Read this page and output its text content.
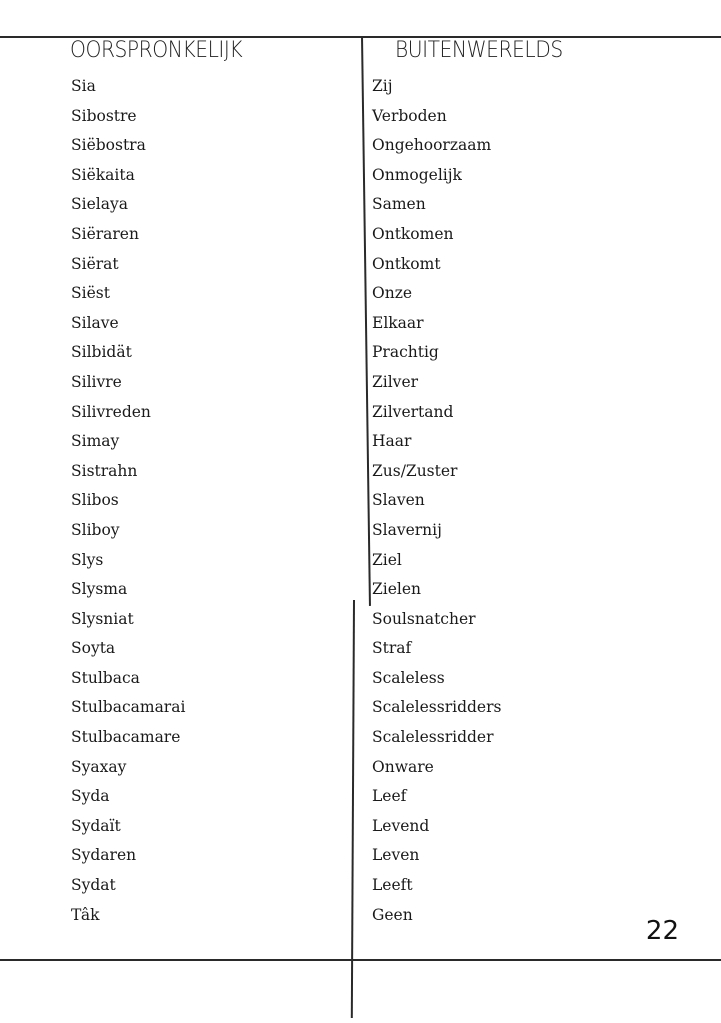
OORSPRONKELIJK	BUITENWERELDS
Sia
Sibostre
Siëbostra
Siëkaita
Sielaya
Siëraren
Siërat
Siëst
Silave
Silbidät
Silivre
Silivreden
Simay
Sistrahn
Slibos
Sliboy
Slys
Slysma
Slysniat
Soyta
Stulbaca
Stulbacamarai
Stulbacamare
Syaxay
Syda
Sydaït
Sydaren
Sydat
Tâk
Zij
Verboden
Ongehoorzaam
Onmogelijk
Samen
Ontkomen
Ontkomt
Onze
Elkaar
Prachtig
Zilver
Zilvertand
Haar
Zus/Zuster
Slaven
Slavernij
Ziel
Zielen
Soulsnatcher
Straf
Scaleless
Scalelessridders
Scalelessridder
Onware
Leef
Levend
Leven
Leeft
Geen
22
